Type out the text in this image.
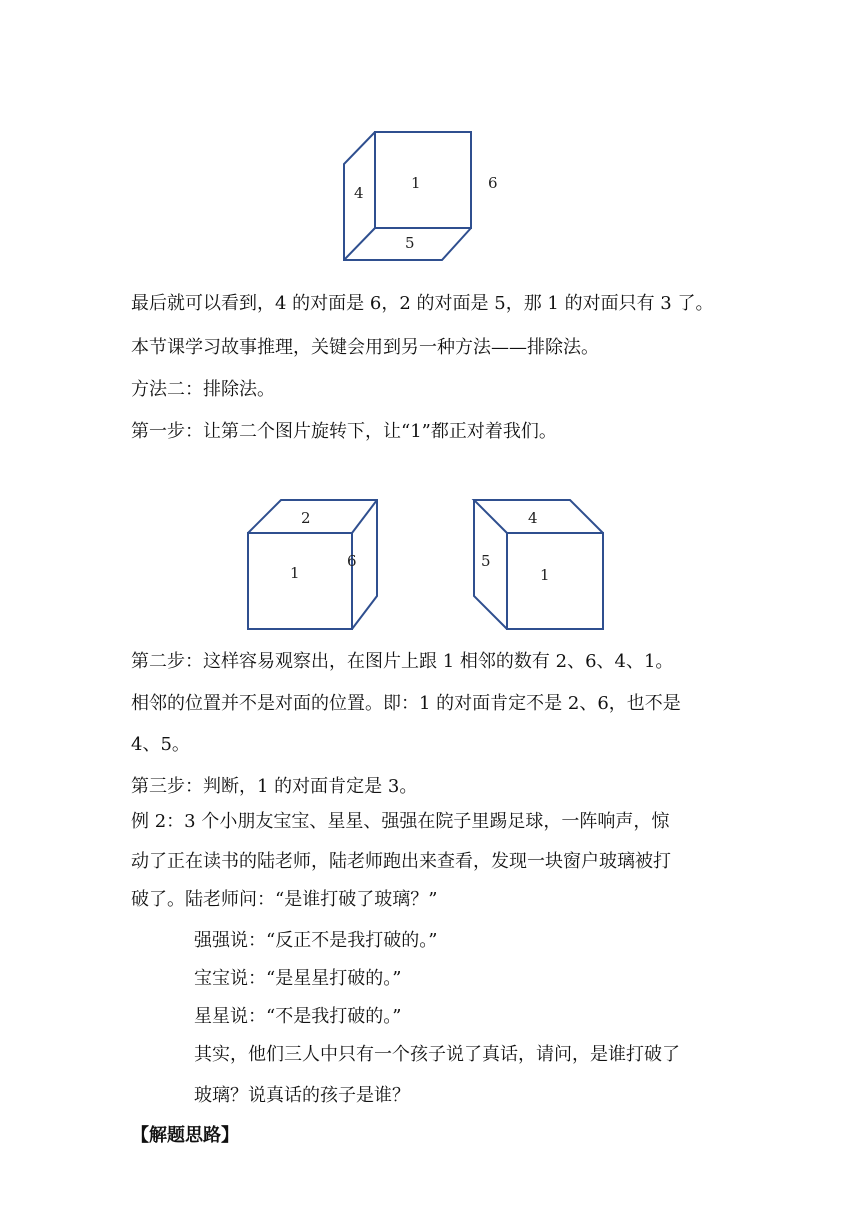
1
4
5
6
最后就可以看到，4 的对面是 6，2 的对面是 5，那 1 的对面只有 3 了。
本节课学习故事推理，关键会用到另一种方法——排除法。
方法二：排除法。
第一步：让第二个图片旋转下，让“1”都正对着我们。
2
1
6
4
5
1
第二步：这样容易观察出，在图片上跟 1 相邻的数有 2、6、4、1。
相邻的位置并不是对面的位置。即：1 的对面肯定不是 2、6，也不是
4、5。
第三步：判断，1 的对面肯定是 3。
例 2：3 个小朋友宝宝、星星、强强在院子里踢足球，一阵响声，惊
动了正在读书的陆老师，陆老师跑出来查看，发现一块窗户玻璃被打
破了。陆老师问：“是谁打破了玻璃？”
强强说：“反正不是我打破的。”
宝宝说：“是星星打破的。”
星星说：“不是我打破的。”
其实，他们三人中只有一个孩子说了真话，请问，是谁打破了
玻璃？说真话的孩子是谁？
【解题思路】
